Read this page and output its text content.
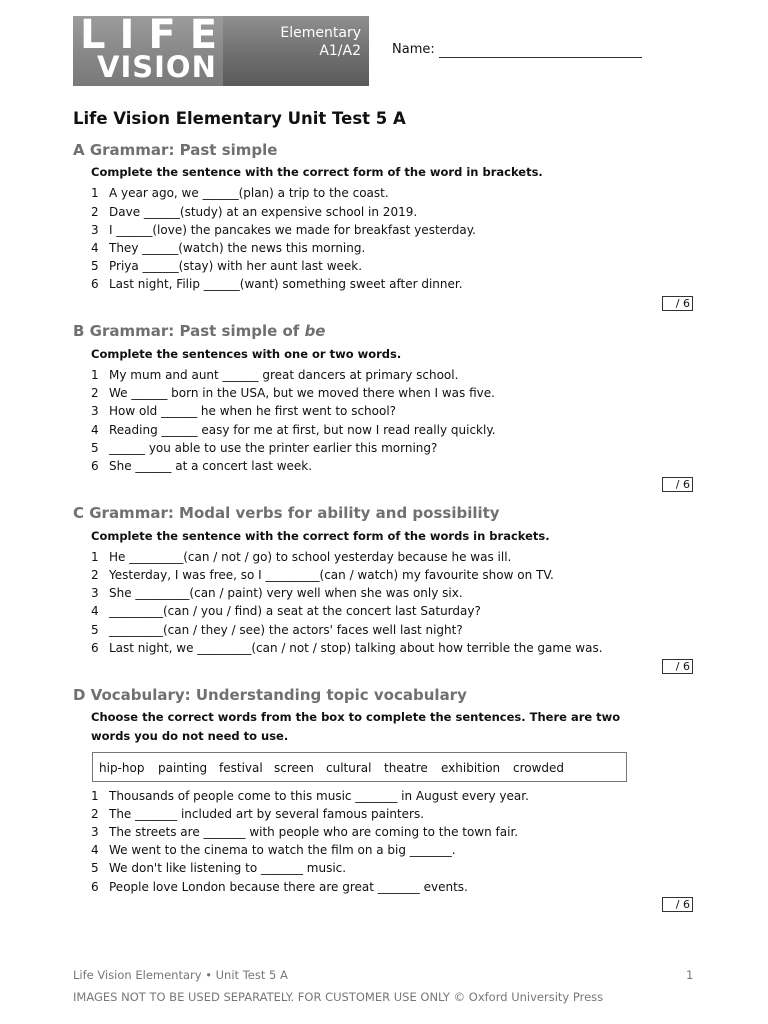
LIFE
VISION
Elementary
A1/A2 Name:
Life Vision Elementary Unit Test 5 A
A Grammar: Past simple
Complete the sentence with the correct form of the word in brackets.
1 A year ago, we ______(plan) a trip to the coast.
2 Dave ______(study) at an expensive school in 2019.
3 I ______(love) the pancakes we made for breakfast yesterday.
4 They ______(watch) the news this morning.
5 Priya ______(stay) with her aunt last week.
6 Last night, Filip ______(want) something sweet after dinner.
/ 6
B Grammar: Past simple of be
Complete the sentences with one or two words.
1 My mum and aunt ______ great dancers at primary school.
2 We ______ born in the USA, but we moved there when I was five.
3 How old ______ he when he first went to school?
4 Reading ______ easy for me at first, but now I read really quickly.
5 ______ you able to use the printer earlier this morning?
6 She ______ at a concert last week.
/ 6
C Grammar: Modal verbs for ability and possibility
Complete the sentence with the correct form of the words in brackets.
1 He _________(can / not / go) to school yesterday because he was ill.
2 Yesterday, I was free, so I _________(can / watch) my favourite show on TV.
3 She _________(can / paint) very well when she was only six.
4 _________(can / you / find) a seat at the concert last Saturday?
5 _________(can / they / see) the actors' faces well last night?
6 Last night, we _________(can / not / stop) talking about how terrible the game was.
/ 6
D Vocabulary: Understanding topic vocabulary
Choose the correct words from the box to complete the sentences. There are two words you do not need to use.
hip-hop painting festival screen cultural theatre exhibition crowded
1 Thousands of people come to this music _______ in August every year.
2 The _______ included art by several famous painters.
3 The streets are _______ with people who are coming to the town fair.
4 We went to the cinema to watch the film on a big _______.
5 We don't like listening to _______ music.
6 People love London because there are great _______ events.
/ 6
Life Vision Elementary • Unit Test 5 A	1
IMAGES NOT TO BE USED SEPARATELY. FOR CUSTOMER USE ONLY © Oxford University Press
